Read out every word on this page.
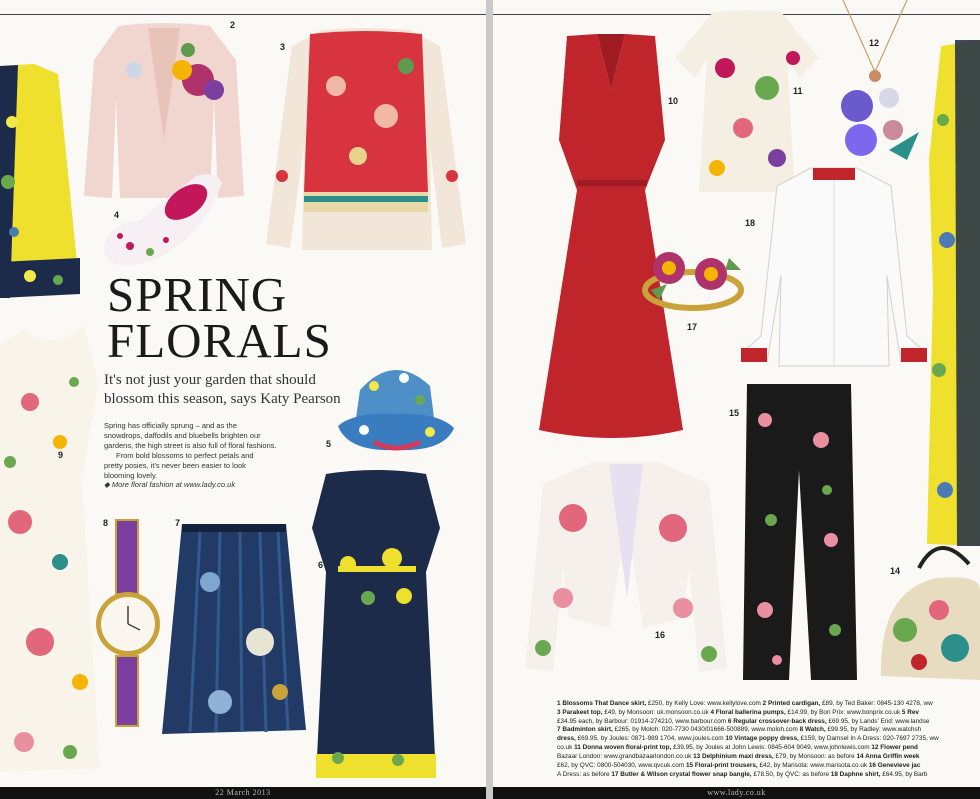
2
3
4
SPRING
FLORALS
It's not just your garden that should
blossom this season, says Katy Pearson
Spring has officially sprung – and as the
snowdrops, daffodils and bluebells brighten our
gardens, the high street is also full of floral fashions.
From bold blossoms to perfect petals and
pretty posies, it's never been easier to look
blooming lovely.
◆ More floral fashion at www.lady.co.uk
5
9
8	7
6
22 March 2013
10
11
12
18
17
15
16
14

1 Blossoms That Dance skirt, £250, by Kelly Love: www.kellylove.com 2 Printed cardigan, £89, by Ted Baker: 0845-130 4278, ww

3 Parakeet top, £49, by Monsoon: uk.monsoon.co.uk 4 Floral ballerina pumps, £14.99, by Bon Prix: www.bonprix.co.uk 5 Rev

£34.95 each, by Barbour: 01914-274210, www.barbour.com 6 Regular crossover-back dress, £69.95, by Lands' End: www.landse

7 Badminton skirt, £265, by Moloh: 020-7730 0430/01666-500889, www.moloh.com 8 Watch, £99.95, by Radley: www.watchsh

dress, £69.95, by Joules: 0871-989 1704, www.joules.com 10 Vintage poppy dress, £159, by Damsel In A Dress: 020-7697 2735, ww

co.uk 11 Donna woven floral-print top, £39.95, by Joules at John Lewis: 0845-604 9049, www.johnlewis.com 12 Flower pend

Bazaar London: www.grandbazaarlondon.co.uk 13 Delphinium maxi dress, £79, by Monsoon: as before 14 Anna Griffin week

£62, by QVC: 0800-504030, www.qvcuk.com 15 Floral-print trousers, £42, by Marisota: www.marisota.co.uk 16 Genevieve jac

A Dress: as before 17 Butler & Wilson crystal flower snap bangle, £78.50, by QVC: as before 18 Daphne shirt, £64.95, by Barb

www.lady.co.uk
